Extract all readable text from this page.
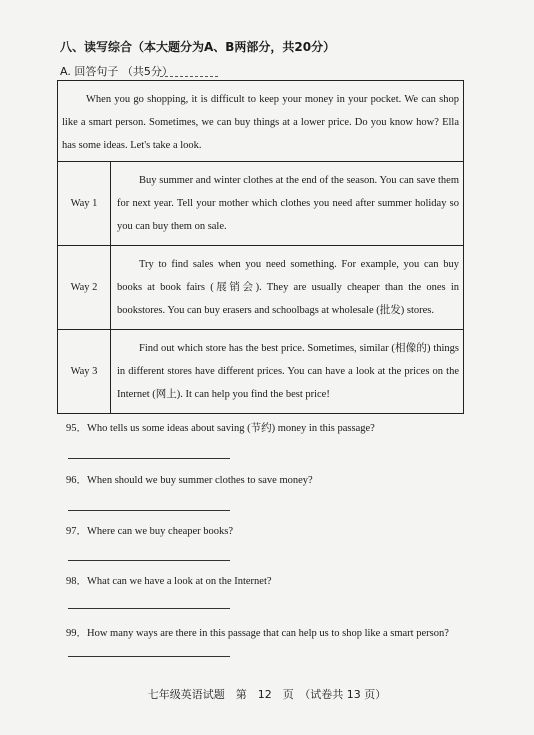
八、读写综合（本大题分为A、B两部分，共20分）
A. 回答句子 （共5分）

When you go shopping, it is difficult to keep your money in your pocket. We can shop like a smart person. Sometimes, we can buy things at a lower price. Do you know how? Ella has some ideas. Let's take a look.	

Way 1	Buy summer and winter clothes at the end of the season. You can save them for next year. Tell your mother which clothes you need after summer holiday so you can buy them on sale.

Way 2	Try to find sales when you need something. For example, you can buy books at book fairs (展销会). They are usually cheaper than the ones in bookstores. You can buy erasers and schoolbags at wholesale (批发) stores.

Way 3	Find out which store has the best price. Sometimes, similar (相像的) things in different stores have different prices. You can have a look at the prices on the Internet (网上). It can help you find the best price!

95．Who tells us some ideas about saving (节约) money in this passage?
96．When should we buy summer clothes to save money?
97．Where can we buy cheaper books?
98．What can we have a look at on the Internet?
99．How many ways are there in this passage that can help us to shop like a smart person?
七年级英语试题　第　12　页　（试卷共 13 页）
